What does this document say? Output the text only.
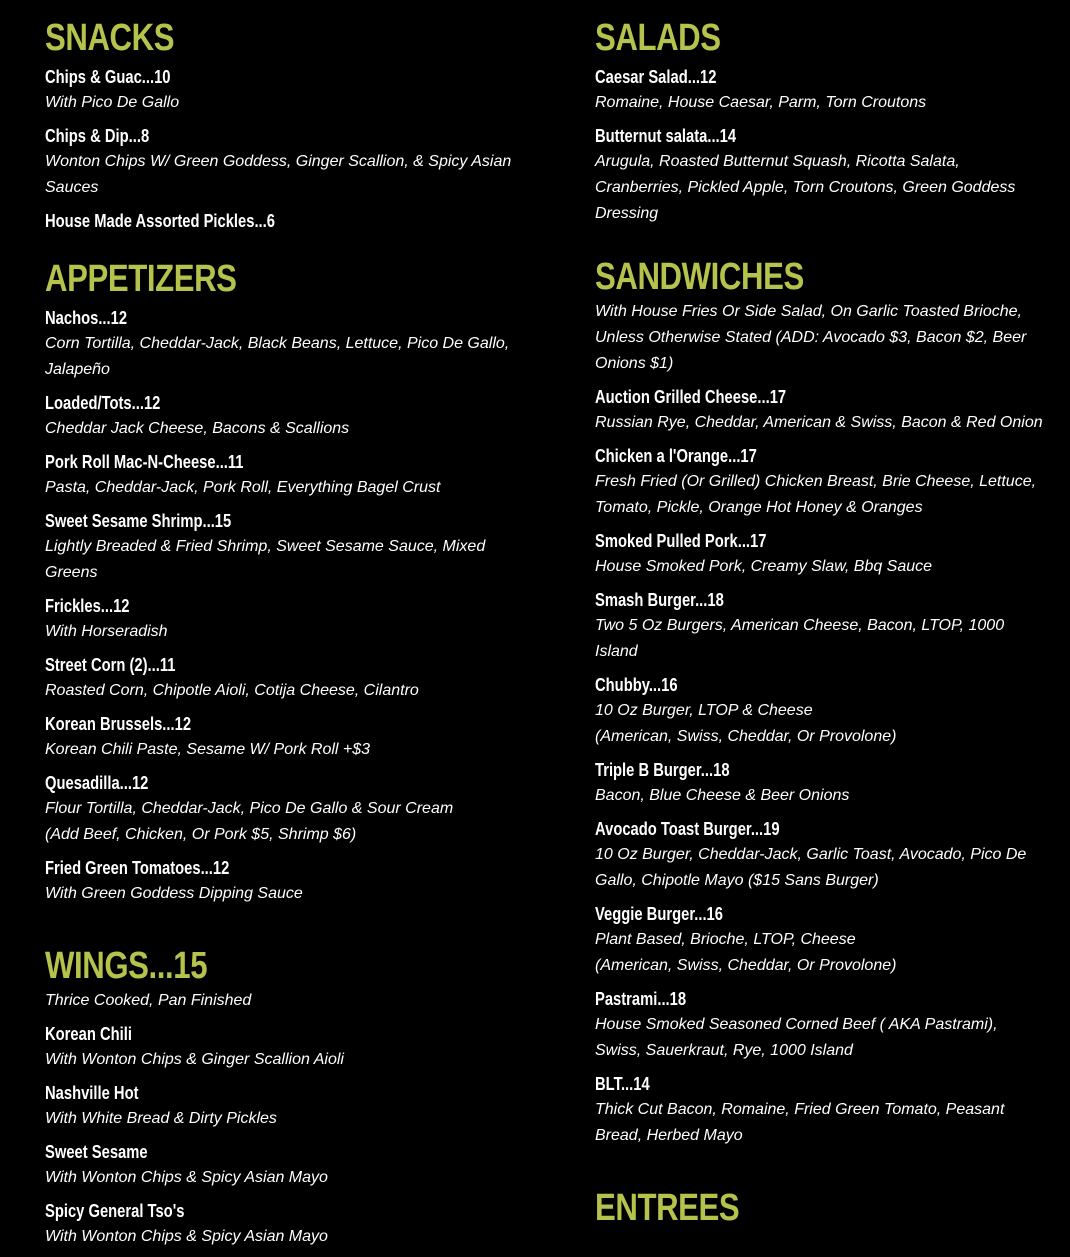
SNACKS
Chips & Guac...10
With Pico De Gallo
Chips & Dip...8
Wonton Chips W/ Green Goddess, Ginger Scallion, & Spicy Asian Sauces
House Made Assorted Pickles...6
APPETIZERS
Nachos...12
Corn Tortilla, Cheddar-Jack, Black Beans, Lettuce, Pico De Gallo, Jalapeño
Loaded/Tots...12
Cheddar Jack Cheese, Bacons & Scallions
Pork Roll Mac-N-Cheese...11
Pasta, Cheddar-Jack, Pork Roll, Everything Bagel Crust
Sweet Sesame Shrimp...15
Lightly Breaded & Fried Shrimp, Sweet Sesame Sauce, Mixed Greens
Frickles...12
With Horseradish
Street Corn (2)...11
Roasted Corn, Chipotle Aioli, Cotija Cheese, Cilantro
Korean Brussels...12
Korean Chili Paste, Sesame W/ Pork Roll +$3
Quesadilla...12
Flour Tortilla, Cheddar-Jack, Pico De Gallo & Sour Cream
(Add Beef, Chicken, Or Pork $5, Shrimp $6)
Fried Green Tomatoes...12
With Green Goddess Dipping Sauce
WINGS...15

Thrice Cooked, Pan Finished

Korean Chili
With Wonton Chips & Ginger Scallion Aioli
Nashville Hot
With White Bread & Dirty Pickles
Sweet Sesame
With Wonton Chips & Spicy Asian Mayo
Spicy General Tso's
With Wonton Chips & Spicy Asian Mayo
SALADS
Caesar Salad...12
Romaine, House Caesar, Parm, Torn Croutons
Butternut salata...14
Arugula, Roasted Butternut Squash, Ricotta Salata, Cranberries, Pickled Apple, Torn Croutons, Green Goddess Dressing
SANDWICHES

With House Fries Or Side Salad, On Garlic Toasted Brioche, Unless Otherwise Stated (ADD: Avocado $3, Bacon $2, Beer Onions $1)

Auction Grilled Cheese...17
Russian Rye, Cheddar, American & Swiss, Bacon & Red Onion
Chicken a l'Orange...17
Fresh Fried (Or Grilled) Chicken Breast, Brie Cheese, Lettuce, Tomato, Pickle, Orange Hot Honey & Oranges
Smoked Pulled Pork...17
House Smoked Pork, Creamy Slaw, Bbq Sauce
Smash Burger...18
Two 5 Oz Burgers, American Cheese, Bacon, LTOP, 1000 Island
Chubby...16
10 Oz Burger, LTOP & Cheese
(American, Swiss, Cheddar, Or Provolone)
Triple B Burger...18
Bacon, Blue Cheese & Beer Onions
Avocado Toast Burger...19
10 Oz Burger, Cheddar-Jack, Garlic Toast, Avocado, Pico De Gallo, Chipotle Mayo ($15 Sans Burger)
Veggie Burger...16
Plant Based, Brioche, LTOP, Cheese
(American, Swiss, Cheddar, Or Provolone)
Pastrami...18
House Smoked Seasoned Corned Beef ( AKA Pastrami), Swiss, Sauerkraut, Rye, 1000 Island
BLT...14
Thick Cut Bacon, Romaine, Fried Green Tomato, Peasant Bread, Herbed Mayo
ENTREES
